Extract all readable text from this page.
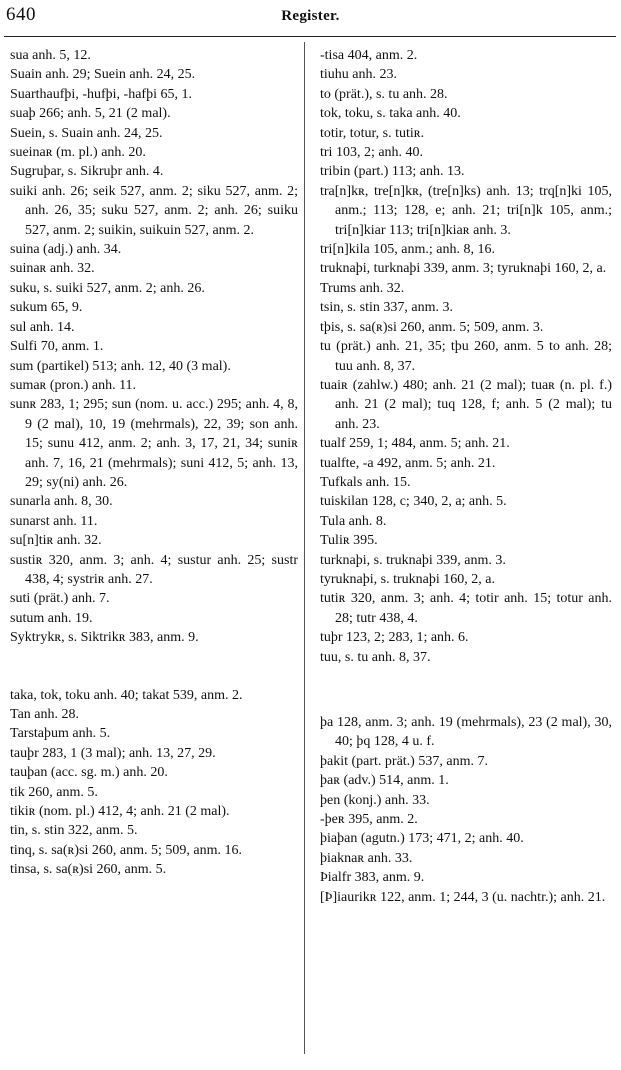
640	Register.
sua anh. 5, 12.
Suain anh. 29; Suein anh. 24, 25.
Suarthaufþi, -hufþi, -hafþi 65, 1.
suaþ 266; anh. 5, 21 (2 mal).
Suein, s. Suain anh. 24, 25.
sueinaʀ (m. pl.) anh. 20.
Sugruþar, s. Sikruþr anh. 4.
suiki anh. 26; seik 527, anm. 2; siku 527, anm. 2; anh. 26, 35; suku 527, anm. 2; anh. 26; suiku 527, anm. 2; suikin, suikuin 527, anm. 2.
suina (adj.) anh. 34.
suinaʀ anh. 32.
suku, s. suiki 527, anm. 2; anh. 26.
sukum 65, 9.
sul anh. 14.
Sulfi 70, anm. 1.
sum (partikel) 513; anh. 12, 40 (3 mal).
sumaʀ (pron.) anh. 11.
sunʀ 283, 1; 295; sun (nom. u. acc.) 295; anh. 4, 8, 9 (2 mal), 10, 19 (mehrmals), 22, 39; son anh. 15; sunu 412, anm. 2; anh. 3, 17, 21, 34; suniʀ anh. 7, 16, 21 (mehrmals); suni 412, 5; anh. 13, 29; sy(ni) anh. 26.
sunarla anh. 8, 30.
sunarst anh. 11.
su[n]tiʀ anh. 32.
sustiʀ 320, anm. 3; anh. 4; sustur anh. 25; sustr 438, 4; systriʀ anh. 27.
suti (prät.) anh. 7.
sutum anh. 19.
Syktrykʀ, s. Siktrikʀ 383, anm. 9.
taka, tok, toku anh. 40; takat 539, anm. 2.
Tan anh. 28.
Tarstaþum anh. 5.
tauþr 283, 1 (3 mal); anh. 13, 27, 29.
tauþan (acc. sg. m.) anh. 20.
tik 260, anm. 5.
tikiʀ (nom. pl.) 412, 4; anh. 21 (2 mal).
tin, s. stin 322, anm. 5.
tinq, s. sa(ʀ)si 260, anm. 5; 509, anm. 16.
tinsa, s. sa(ʀ)si 260, anm. 5.
-tisa 404, anm. 2.
tiuhu anh. 23.
to (prät.), s. tu anh. 28.
tok, toku, s. taka anh. 40.
totir, totur, s. tutiʀ.
tri 103, 2; anh. 40.
tribin (part.) 113; anh. 13.
tra[n]kʀ, tre[n]kʀ, (tre[n]ks) anh. 13; trq[n]ki 105, anm.; 113; 128, e; anh. 21; tri[n]k 105, anm.; tri[n]kiar 113; tri[n]kiaʀ anh. 3.
tri[n]kila 105, anm.; anh. 8, 16.
truknaþi, turknaþi 339, anm. 3; tyruknaþi 160, 2, a.
Trums anh. 32.
tsin, s. stin 337, anm. 3.
tþis, s. sa(ʀ)si 260, anm. 5; 509, anm. 3.
tu (prät.) anh. 21, 35; tþu 260, anm. 5 to anh. 28; tuu anh. 8, 37.
tuaiʀ (zahlw.) 480; anh. 21 (2 mal); tuaʀ (n. pl. f.) anh. 21 (2 mal); tuq 128, f; anh. 5 (2 mal); tu anh. 23.
tualf 259, 1; 484, anm. 5; anh. 21.
tualfte, -a 492, anm. 5; anh. 21.
Tufkals anh. 15.
tuiskilan 128, c; 340, 2, a; anh. 5.
Tula anh. 8.
Tuliʀ 395.
turknaþi, s. truknaþi 339, anm. 3.
tyruknaþi, s. truknaþi 160, 2, a.
tutiʀ 320, anm. 3; anh. 4; totir anh. 15; totur anh. 28; tutr 438, 4.
tuþr 123, 2; 283, 1; anh. 6.
tuu, s. tu anh. 8, 37.
þa 128, anm. 3; anh. 19 (mehrmals), 23 (2 mal), 30, 40; þq 128, 4 u. f.
þakit (part. prät.) 537, anm. 7.
þaʀ (adv.) 514, anm. 1.
þen (konj.) anh. 33.
-þeʀ 395, anm. 2.
þiaþan (agutn.) 173; 471, 2; anh. 40.
þiaknaʀ anh. 33.
Þialfr 383, anm. 9.
[Þ]iaurikʀ 122, anm. 1; 244, 3 (u. nachtr.); anh. 21.
